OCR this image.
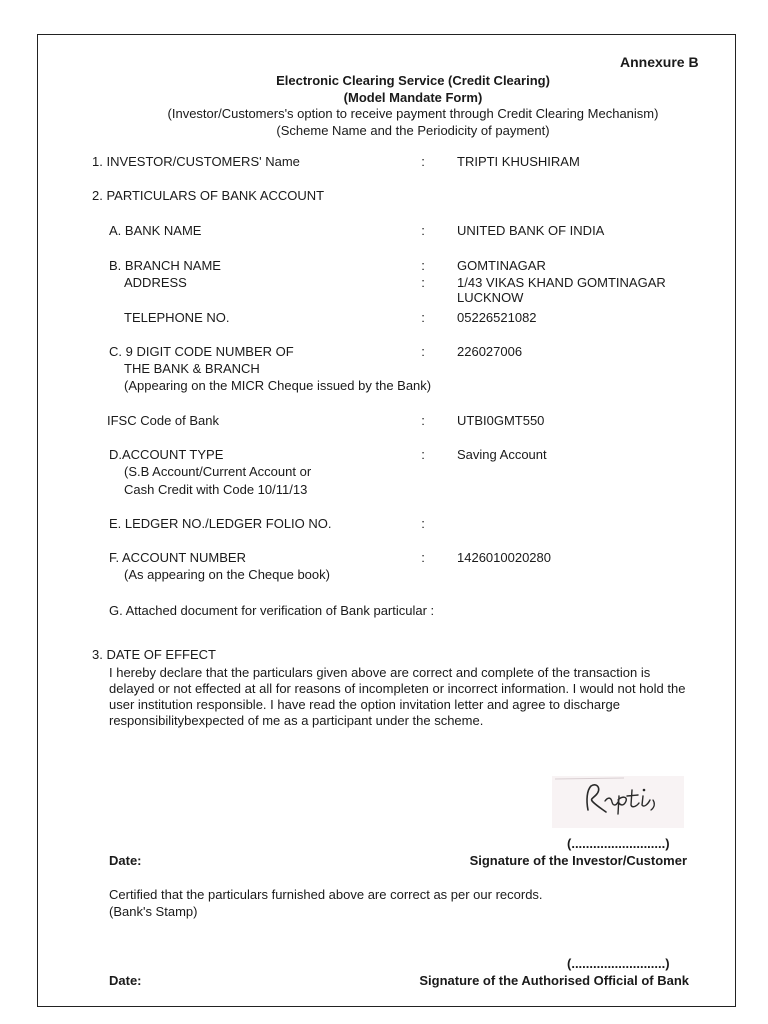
Annexure B
Electronic Clearing Service (Credit Clearing)
(Model Mandate Form)
(Investor/Customers's option to receive payment through Credit Clearing Mechanism)
(Scheme Name and the Periodicity of payment)
1. INVESTOR/CUSTOMERS' Name	: TRIPTI KHUSHIRAM
2. PARTICULARS OF BANK ACCOUNT
A. BANK NAME	: UNITED BANK OF INDIA
B. BRANCH NAME	: GOMTINAGAR
ADDRESS	: 1/43 VIKAS KHAND GOMTINAGAR
LUCKNOW
TELEPHONE NO.	: 05226521082
C. 9 DIGIT CODE NUMBER OF	: 226027006
THE BANK & BRANCH
(Appearing on the MICR Cheque issued by the Bank)
IFSC Code of Bank	: UTBI0GMT550
D.ACCOUNT TYPE	: Saving Account
(S.B Account/Current Account or
Cash Credit with Code 10/11/13
E. LEDGER NO./LEDGER FOLIO NO.	:
F. ACCOUNT NUMBER	: 1426010020280
(As appearing on the Cheque book)
G. Attached document for verification of Bank particular :
3. DATE OF EFFECT
I hereby declare that the particulars given above are correct and complete of the transaction is delayed or not effected at all for reasons of incompleten or incorrect information. I would not hold the user institution responsible. I have read the option invitation letter and agree to discharge responsibilitybexpected of me as a participant under the scheme.
(..........................)
Date:	Signature of the Investor/Customer
Certified that the particulars furnished above are correct as per our records.
(Bank's Stamp)
(..........................)
Date:	Signature of the Authorised Official of Bank
